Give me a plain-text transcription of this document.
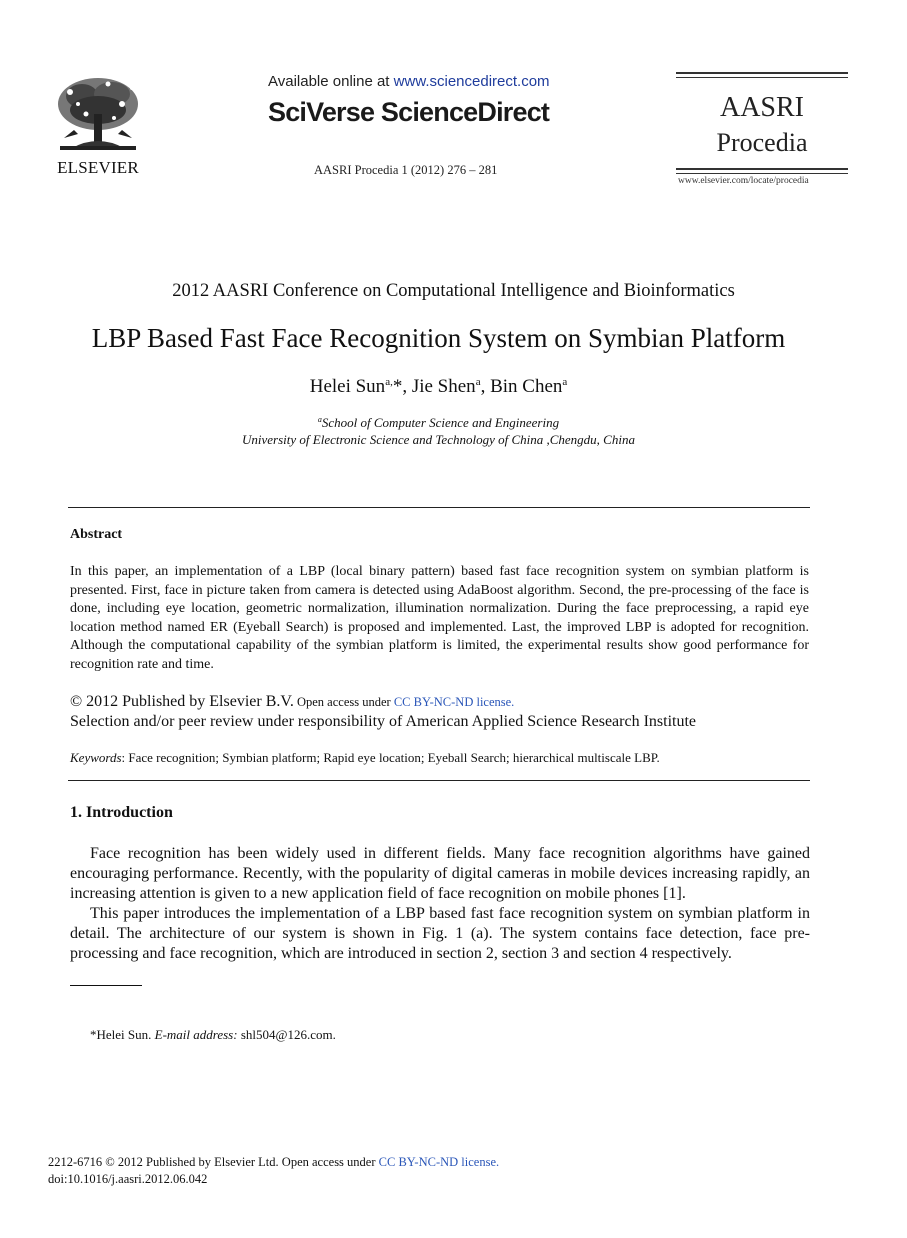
ELSEVIER
Available online at www.sciencedirect.com
SciVerse ScienceDirect
AASRI Procedia 1 (2012) 276 – 281
AASRI
Procedia
www.elsevier.com/locate/procedia
2012 AASRI Conference on Computational Intelligence and Bioinformatics
LBP Based Fast Face Recognition System on Symbian Platform
Helei Sun$^{a,}$*, Jie Shen$^a$, Bin Chen$^a$
$^a$School of Computer Science and Engineering
University of Electronic Science and Technology of China ,Chengdu, China
Abstract
In this paper, an implementation of a LBP (local binary pattern) based fast face recognition system on symbian platform is presented. First, face in picture taken from camera is detected using AdaBoost algorithm. Second, the pre-processing of the face is done, including eye location, geometric normalization, illumination normalization. During the face preprocessing, a rapid eye location method named ER (Eyeball Search) is proposed and implemented. Last, the improved LBP is adopted for recognition. Although the computational capability of the symbian platform is limited, the experimental results show good performance for recognition rate and time.
© 2012 Published by Elsevier B.V. Open access under CC BY-NC-ND license.
Selection and/or peer review under responsibility of American Applied Science Research Institute
Keywords: Face recognition; Symbian platform; Rapid eye location; Eyeball Search; hierarchical multiscale LBP.
1. Introduction
Face recognition has been widely used in different fields. Many face recognition algorithms have gained encouraging performance. Recently, with the popularity of digital cameras in mobile devices increasing rapidly, an increasing attention is given to a new application field of face recognition on mobile phones [1].
This paper introduces the implementation of a LBP based fast face recognition system on symbian platform in detail. The architecture of our system is shown in Fig. 1 (a). The system contains face detection, face pre-processing and face recognition, which are introduced in section 2, section 3 and section 4 respectively.
*Helei Sun. E-mail address: shl504@126.com.
2212-6716 © 2012 Published by Elsevier Ltd. Open access under CC BY-NC-ND license.
doi:10.1016/j.aasri.2012.06.042
